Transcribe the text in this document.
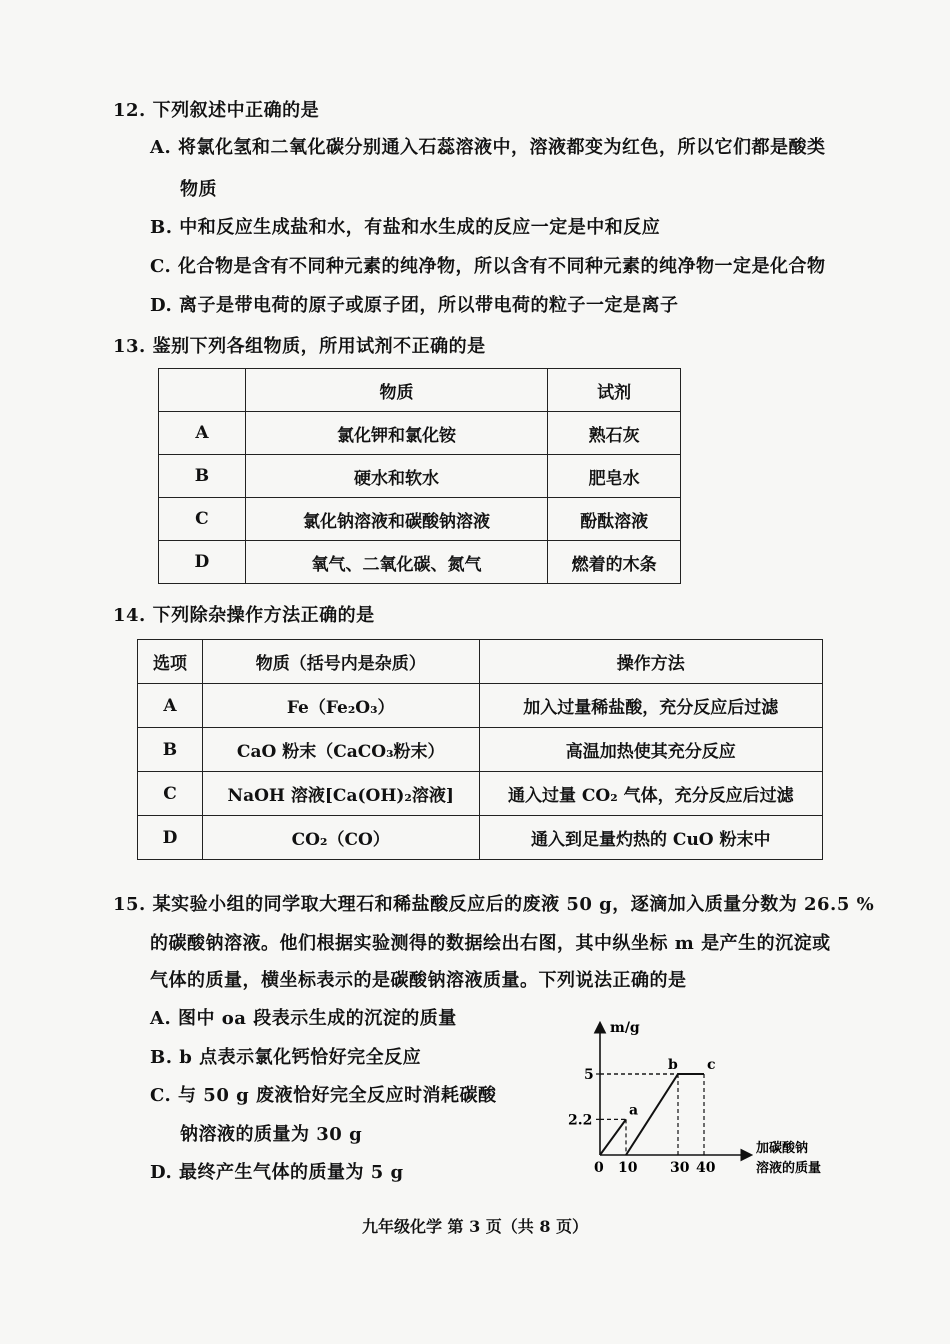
12. 下列叙述中正确的是
A. 将氯化氢和二氧化碳分别通入石蕊溶液中，溶液都变为红色，所以它们都是酸类
物质
B. 中和反应生成盐和水，有盐和水生成的反应一定是中和反应
C. 化合物是含有不同种元素的纯净物，所以含有不同种元素的纯净物一定是化合物
D. 离子是带电荷的原子或原子团，所以带电荷的粒子一定是离子
13. 鉴别下列各组物质，所用试剂不正确的是
	物质	试剂
A	氯化钾和氯化铵	熟石灰
B	硬水和软水	肥皂水
C	氯化钠溶液和碳酸钠溶液	酚酞溶液
D	氧气、二氧化碳、氮气	燃着的木条
14. 下列除杂操作方法正确的是
选项	物质（括号内是杂质）	操作方法
A	Fe（Fe₂O₃）	加入过量稀盐酸，充分反应后过滤
B	CaO 粉末（CaCO₃粉末）	高温加热使其充分反应
C	NaOH 溶液[Ca(OH)₂溶液]	通入过量 CO₂ 气体，充分反应后过滤
D	CO₂（CO）	通入到足量灼热的 CuO 粉末中
15. 某实验小组的同学取大理石和稀盐酸反应后的废液 50 g，逐滴加入质量分数为 26.5 %
的碳酸钠溶液。他们根据实验测得的数据绘出右图，其中纵坐标 m 是产生的沉淀或
气体的质量，横坐标表示的是碳酸钠溶液质量。下列说法正确的是
A. 图中 oa 段表示生成的沉淀的质量
B. b 点表示氯化钙恰好完全反应
C. 与 50 g 废液恰好完全反应时消耗碳酸
钠溶液的质量为 30 g
D. 最终产生气体的质量为 5 g
m/g
加碳酸钠
溶液的质量
0
a
b c
10 30 40
2.2
5
九年级化学 第 3 页（共 8 页）
